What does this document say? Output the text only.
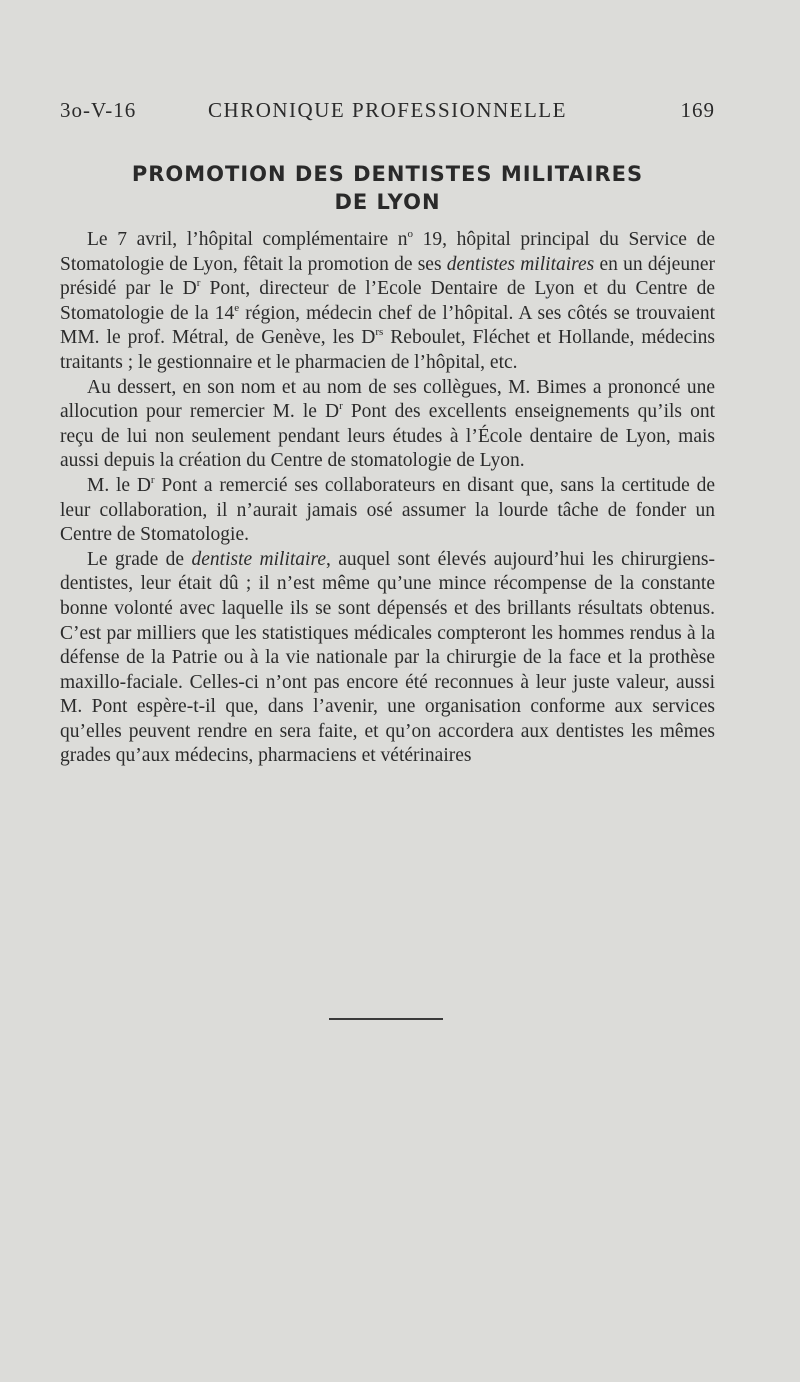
3o-V-16	CHRONIQUE PROFESSIONNELLE	169
PROMOTION DES DENTISTES MILITAIRES
DE LYON

Le 7 avril, l’hôpital complémentaire $n^o$ 19, hôpital principal du Service de Stomatologie de Lyon, fêtait la promotion de ses dentistes militaires en un déjeuner présidé par le $D^r$ Pont, directeur de l’Ecole Dentaire de Lyon et du Centre de Stomatologie de la 14e région, médecin chef de l’hôpital. A ses côtés se trouvaient MM. le prof. Métral, de Genève, les $D^{rs}$ Reboulet, Fléchet et Hollande, médecins traitants ; le gestionnaire et le pharmacien de l’hôpital, etc.

Au dessert, en son nom et au nom de ses collègues, M. Bimes a prononcé une allocution pour remercier M. le $D^r$ Pont des excellents enseignements qu’ils ont reçu de lui non seulement pendant leurs études à l’École dentaire de Lyon, mais aussi depuis la création du Centre de stomatologie de Lyon.

M. le $D^r$ Pont a remercié ses collaborateurs en disant que, sans la certitude de leur collaboration, il n’aurait jamais osé assumer la lourde tâche de fonder un Centre de Stomatologie.

Le grade de dentiste militaire, auquel sont élevés aujourd’hui les chirurgiens-dentistes, leur était dû ; il n’est même qu’une mince récompense de la constante bonne volonté avec laquelle ils se sont dépensés et des brillants résultats obtenus. C’est par milliers que les statistiques médicales compteront les hommes rendus à la défense de la Patrie ou à la vie nationale par la chirurgie de la face et la prothèse maxillo-faciale. Celles-ci n’ont pas encore été reconnues à leur juste valeur, aussi M. Pont espère-t-il que, dans l’avenir, une organisation conforme aux services qu’elles peuvent rendre en sera faite, et qu’on accordera aux dentistes les mêmes grades qu’aux médecins, pharmaciens et vétérinaires
